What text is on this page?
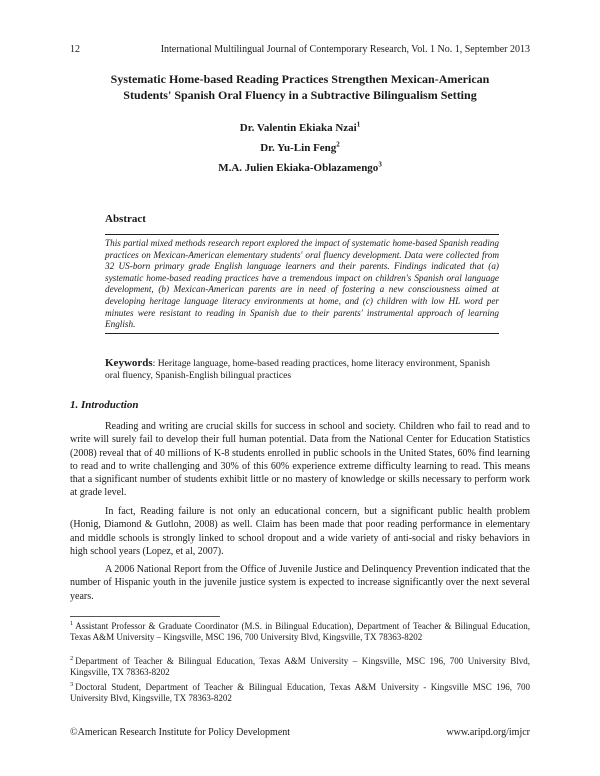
12	International Multilingual Journal of Contemporary Research, Vol. 1 No. 1, September 2013
Systematic Home-based Reading Practices Strengthen Mexican-American
Students' Spanish Oral Fluency in a Subtractive Bilingualism Setting
Dr. Valentin Ekiaka Nzai$^1$
Dr. Yu-Lin Feng$^2$
M.A. Julien Ekiaka-Oblazamengo$^3$
Abstract

This partial mixed methods research report explored the impact of systematic home-based Spanish reading practices on Mexican-American elementary students' oral fluency development. Data were collected from 32 US-born primary grade English language learners and their parents. Findings indicated that (a) systematic home-based reading practices have a tremendous impact on children's Spanish oral language development, (b) Mexican-American parents are in need of fostering a new consciousness aimed at developing heritage language literacy environments at home, and (c) children with low HL word per minutes were resistant to reading in Spanish due to their parents' instrumental approach of learning English.

Keywords: Heritage language, home-based reading practices, home literacy environment, Spanish oral fluency, Spanish-English bilingual practices
1. Introduction

Reading and writing are crucial skills for success in school and society. Children who fail to read and to write will surely fail to develop their full human potential. Data from the National Center for Education Statistics (2008) reveal that of 40 millions of K-8 students enrolled in public schools in the United States, 60% find learning to read and to write challenging and 30% of this 60% experience extreme difficulty learning to read. This means that a significant number of students exhibit little or no mastery of knowledge or skills necessary to perform work at grade level.

In fact, Reading failure is not only an educational concern, but a significant public health problem (Honig, Diamond & Gutlohn, 2008) as well. Claim has been made that poor reading performance in elementary and middle schools is strongly linked to school dropout and a wide variety of anti-social and risky behaviors in high school years (Lopez, et al, 2007).

A 2006 National Report from the Office of Juvenile Justice and Delinquency Prevention indicated that the number of Hispanic youth in the juvenile justice system is expected to increase significantly over the next several years.

$^1$ Assistant Professor & Graduate Coordinator (M.S. in Bilingual Education), Department of Teacher & Bilingual Education, Texas A&M University – Kingsville, MSC 196, 700 University Blvd, Kingsville, TX 78363-8202

$^2$ Department of Teacher & Bilingual Education, Texas A&M University – Kingsville, MSC 196, 700 University Blvd, Kingsville, TX 78363-8202

$^3$ Doctoral Student, Department of Teacher & Bilingual Education, Texas A&M University - Kingsville MSC 196, 700 University Blvd, Kingsville, TX 78363-8202

©American Research Institute for Policy Development	www.aripd.org/imjcr
